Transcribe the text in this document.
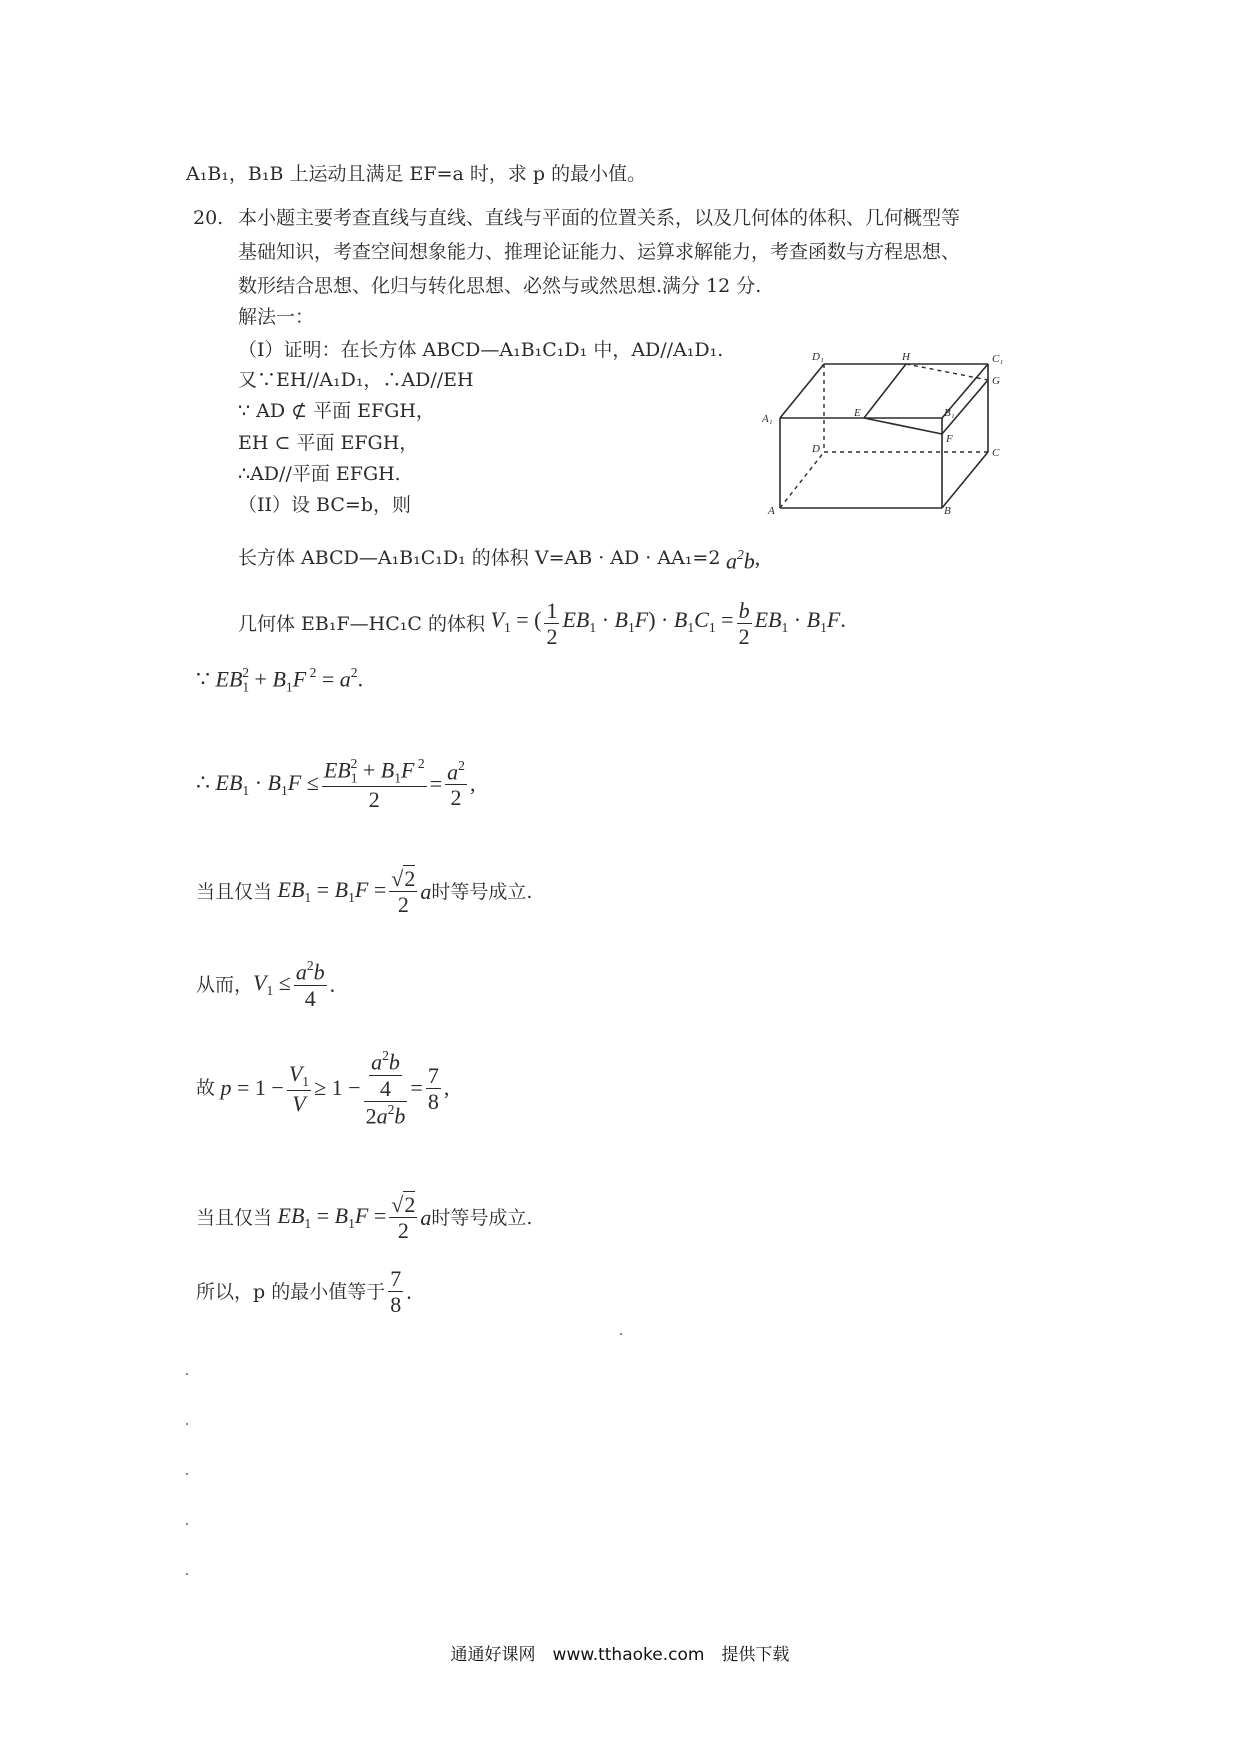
A₁B₁，B₁B 上运动且满足 EF=a 时，求 p 的最小值。
20. 本小题主要考查直线与直线、直线与平面的位置关系，以及几何体的体积、几何概型等
基础知识，考查空间想象能力、推理论证能力、运算求解能力，考查函数与方程思想、
数形结合思想、化归与转化思想、必然与或然思想.满分 12 分.
解法一：
（I）证明：在长方体 ABCD—A₁B₁C₁D₁ 中，AD//A₁D₁.
又∵EH//A₁D₁，∴AD//EH
∵ AD ⊄ 平面 EFGH，
EH ⊂ 平面 EFGH，
∴AD//平面 EFGH.
（II）设 BC=b，则
D₁	H	C₁
A₁	E
G
B₁
D	C
A	B
F
长方体 ABCD—A₁B₁C₁D₁ 的体积 V=AB · AD · AA₁=2 $a^2b$ ,
几何体 EB₁F—HC₁C 的体积 $V_1$ = ( $\frac{1}{2} EB_1 \cdot B_1F) \cdot B_1C_1 = \frac{b}{2} EB_1 \cdot B_1F$.
∵ $EB_1^2 + B_1F$ $^2 = a^2$.
∴ $EB_1 \cdot B_1F \le \frac{EB_1^2 + B_1F ^2}{2} = \frac{a^2}{2}$ ,
当且仅当 $EB_1 = B_1F = \frac{√2}{2}$ a 时等号成立.
从而， $V_1 \le \frac{a^2b}{4}$ .
故 $p = 1 - \frac{V_1}{V} \ge 1 - \frac{\frac{a^2b}{4}}{2a^2b} = \frac{7}{8}$ ,
当且仅当 $EB_1 = B_1F = \frac{√2}{2}$ a 时等号成立.
所以，p 的最小值等于 $\frac{7}{8}$ .
通通好课网　www.tthaoke.com　提供下载
